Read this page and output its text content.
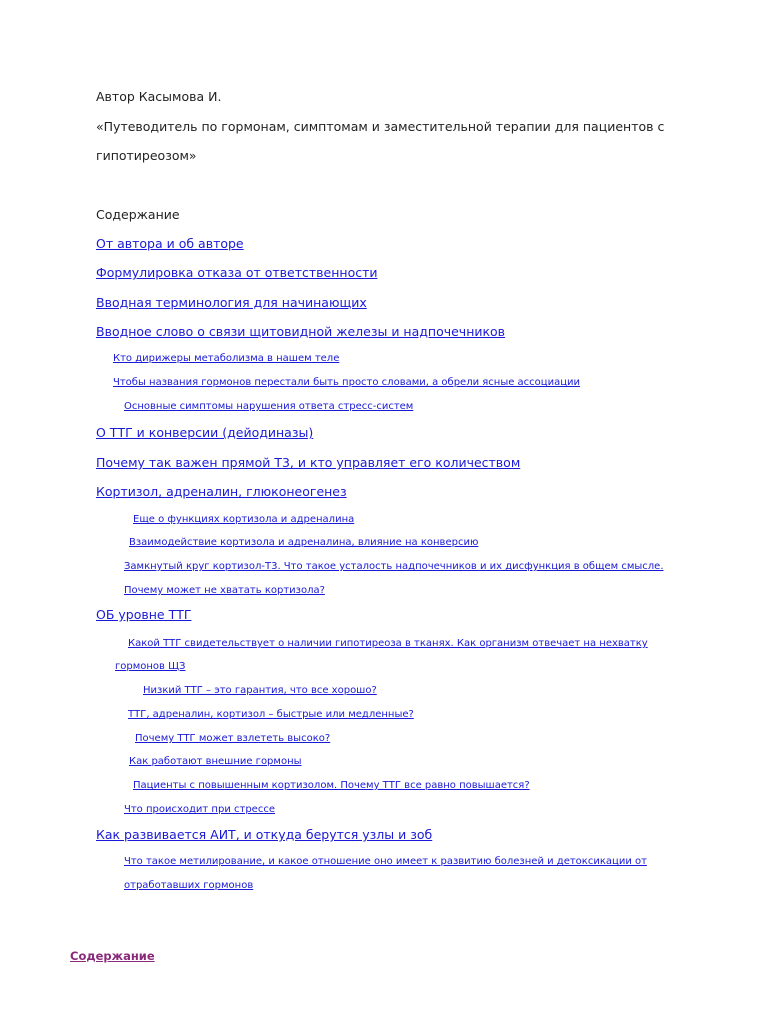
Автор Касымова И.
«Путеводитель по гормонам, симптомам и заместительной терапии для пациентов с
гипотиреозом»
Содержание
От автора и об авторе
Формулировка отказа от ответственности
Вводная терминология для начинающих
Вводное слово о связи щитовидной железы и надпочечников
Кто дирижеры метаболизма в нашем теле
Чтобы названия гормонов перестали быть просто словами, а обрели ясные ассоциации
Основные симптомы нарушения ответа стресс-систем
О ТТГ и конверсии (дейодиназы)
Почему так важен прямой Т3, и кто управляет его количеством
Кортизол, адреналин, глюконеогенез
Еще о функциях кортизола и адреналина
Взаимодействие кортизола и адреналина, влияние на конверсию
Замкнутый круг кортизол-Т3. Что такое усталость надпочечников и их дисфункция в общем смысле.
Почему может не хватать кортизола?
ОБ уровне ТТГ
Какой ТТГ свидетельствует о наличии гипотиреоза в тканях. Как организм отвечает на нехватку
гормонов ЩЗ
Низкий ТТГ – это гарантия, что все хорошо?
ТТГ, адреналин, кортизол – быстрые или медленные?
Почему ТТГ может взлететь высоко?
Как работают внешние гормоны
Пациенты с повышенным кортизолом. Почему ТТГ все равно повышается?
Что происходит при стрессе
Как развивается АИТ, и откуда берутся узлы и зоб
Что такое метилирование, и какое отношение оно имеет к развитию болезней и детоксикации от
отработавших гормонов
Содержание
